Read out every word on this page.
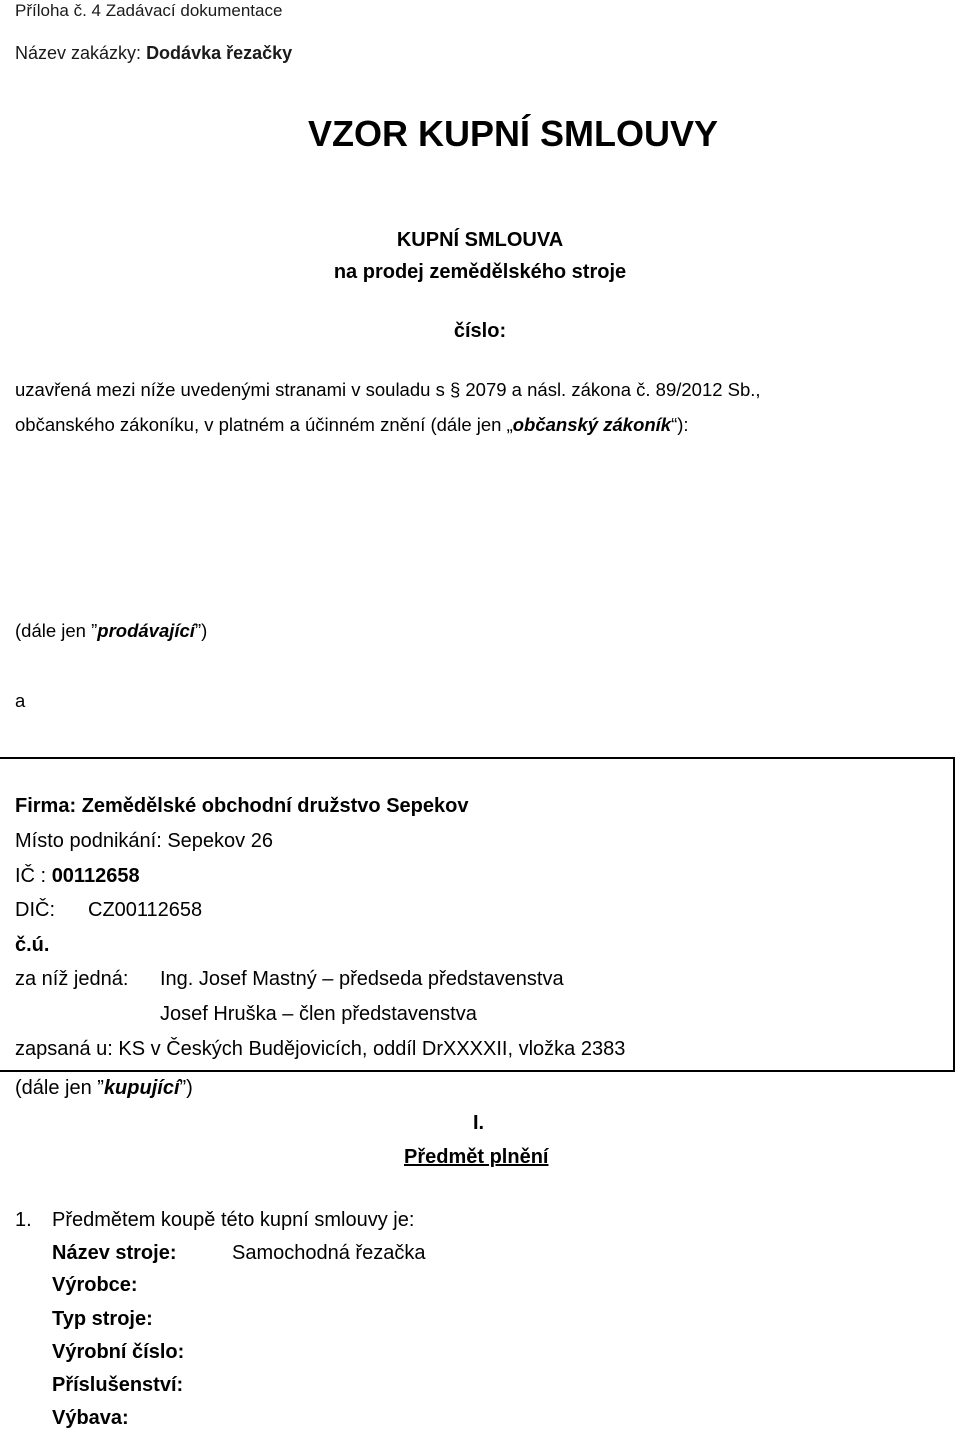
Příloha č. 4 Zadávací dokumentace
Název zakázky: Dodávka řezačky
VZOR KUPNÍ SMLOUVY
KUPNÍ SMLOUVA
na prodej zemědělského stroje
číslo:
uzavřená mezi níže uvedenými stranami v souladu s § 2079 a násl. zákona č. 89/2012 Sb.,
občanského zákoníku, v platném a účinném znění (dále jen „občanský zákoník“):
(dále jen ”prodávající”)
a
Firma: Zemědělské obchodní družstvo Sepekov
Místo podnikání: Sepekov 26
IČ : 00112658
DIČ: CZ00112658
č.ú.
za níž jedná: Ing. Josef Mastný – předseda představenstva
Josef Hruška – člen představenstva
zapsaná u: KS v Českých Budějovicích, oddíl DrXXXXII, vložka 2383
(dále jen ”kupující”)
I.
Předmět plnění
1. Předmětem koupě této kupní smlouvy je:
Název stroje:	Samochodná řezačka
Výrobce:
Typ stroje:
Výrobní číslo:
Příslušenství:
Výbava:
